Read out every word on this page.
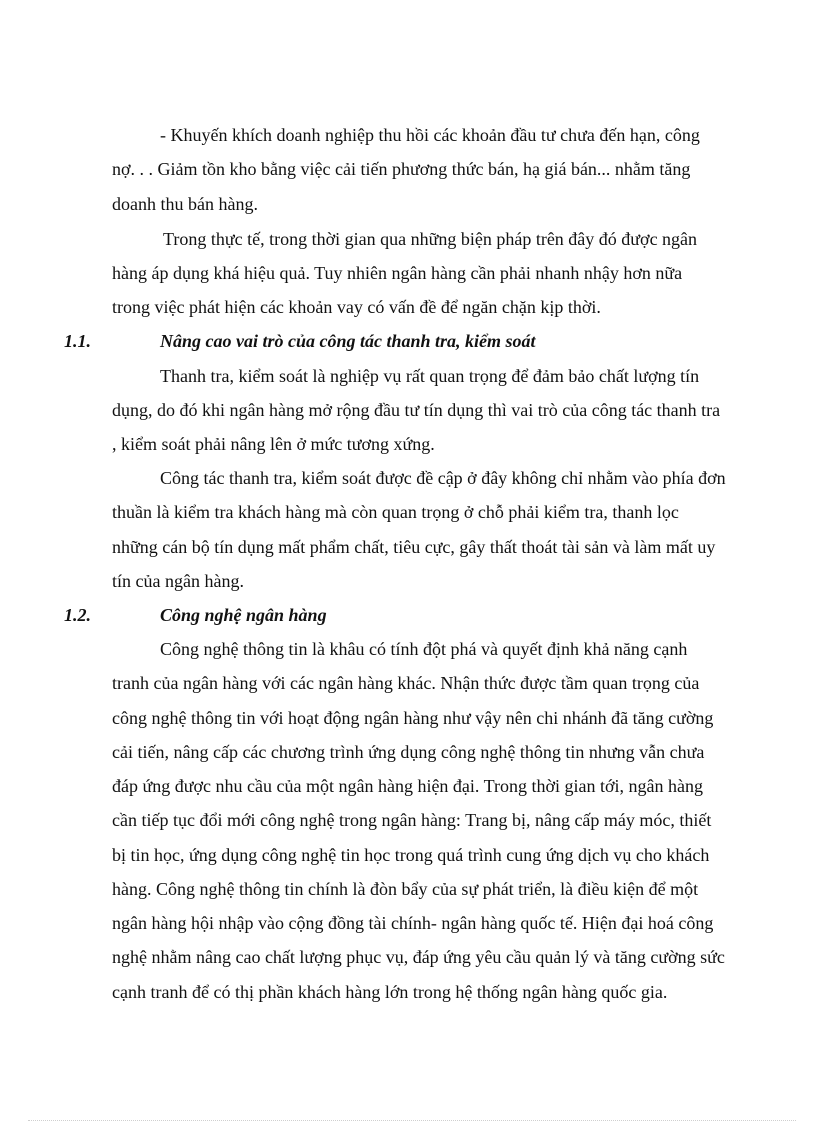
- Khuyến khích doanh nghiệp thu hồi các khoản đầu tư chưa đến hạn, công
nợ. . . Giảm tồn kho bằng việc cải tiến phương thức bán, hạ giá bán... nhằm tăng
doanh thu bán hàng.
Trong thực tế, trong thời gian qua những biện pháp trên đây đó được ngân
hàng áp dụng khá hiệu quả. Tuy nhiên ngân hàng cần phải nhanh nhậy hơn nữa
trong việc phát hiện các khoản vay có vấn đề để ngăn chặn kịp thời.
1.1.	Nâng cao vai trò của công tác thanh tra, kiểm soát
Thanh tra, kiểm soát là nghiệp vụ rất quan trọng để đảm bảo chất lượng tín
dụng, do đó khi ngân hàng mở rộng đầu tư tín dụng thì vai trò của công tác thanh tra
, kiểm soát phải nâng lên ở mức tương xứng.
Công tác thanh tra, kiểm soát được đề cập ở đây không chỉ nhằm vào phía đơn
thuần là kiểm tra khách hàng mà còn quan trọng ở chỗ phải kiểm tra, thanh lọc
những cán bộ tín dụng mất phẩm chất, tiêu cực, gây thất thoát tài sản và làm mất uy
tín của ngân hàng.
1.2.	Công nghệ ngân hàng
Công nghệ thông tin là khâu có tính đột phá và quyết định khả năng cạnh
tranh của ngân hàng với các ngân hàng khác. Nhận thức được tầm quan trọng của
công nghệ thông tin với hoạt động ngân hàng như vậy nên chi nhánh đã tăng cường
cải tiến, nâng cấp các chương trình ứng dụng công nghệ thông tin nhưng vẫn chưa
đáp ứng được nhu cầu của một ngân hàng hiện đại. Trong thời gian tới, ngân hàng
cần tiếp tục đổi mới công nghệ trong ngân hàng: Trang bị, nâng cấp máy móc, thiết
bị tin học, ứng dụng công nghệ tin học trong quá trình cung ứng dịch vụ cho khách
hàng. Công nghệ thông tin chính là đòn bẩy của sự phát triển, là điều kiện để một
ngân hàng hội nhập vào cộng đồng tài chính- ngân hàng quốc tế. Hiện đại hoá công
nghệ nhằm nâng cao chất lượng phục vụ, đáp ứng yêu cầu quản lý và tăng cường sức
cạnh tranh để có thị phần khách hàng lớn trong hệ thống ngân hàng quốc gia.
